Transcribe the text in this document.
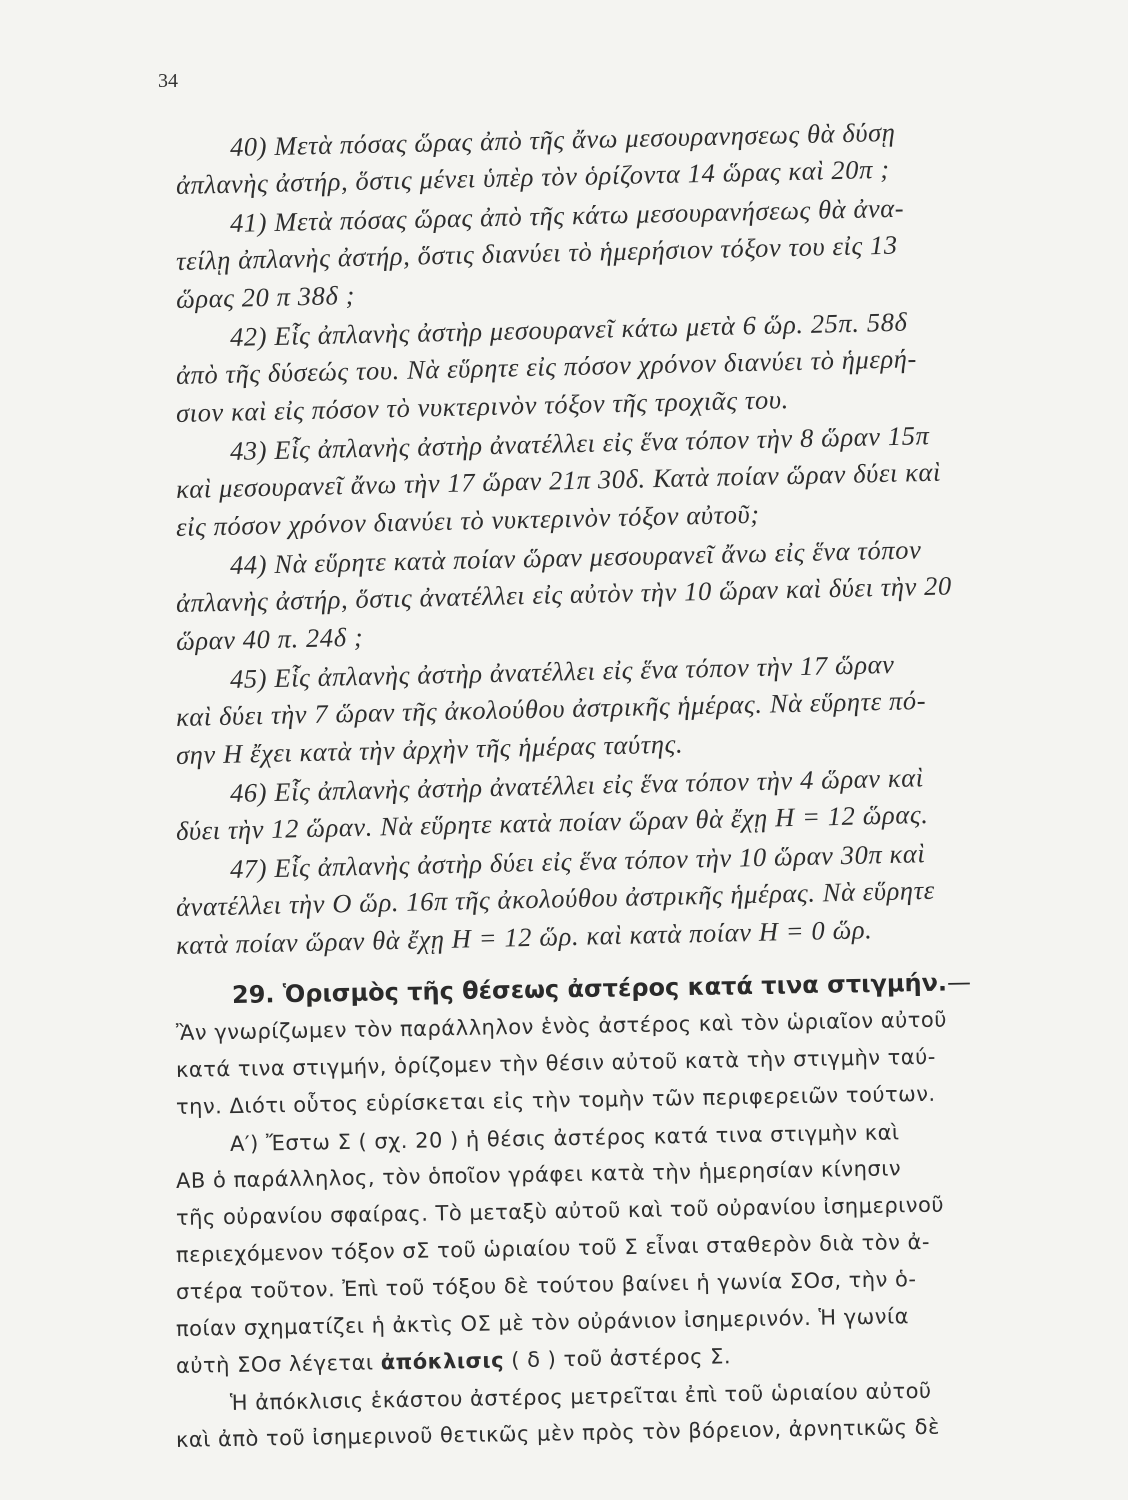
34
40) Μετὰ πόσας ὥρας ἀπὸ τῆς ἄνω μεσουρανησεως θὰ δύσῃ
ἀπλανὴς ἀστήρ, ὅστις μένει ὑπὲρ τὸν ὁρίζοντα 14 ὥρας καὶ 20π ;
41) Μετὰ πόσας ὥρας ἀπὸ τῆς κάτω μεσουρανήσεως θὰ ἀνα-
τείλῃ ἀπλανὴς ἀστήρ, ὅστις διανύει τὸ ἡμερήσιον τόξον του εἰς 13
ὥρας 20 π 38δ ;
42) Εἷς ἀπλανὴς ἀστὴρ μεσουρανεῖ κάτω μετὰ 6 ὥρ. 25π. 58δ
ἀπὸ τῆς δύσεώς του. Νὰ εὕρητε εἰς πόσον χρόνον διανύει τὸ ἡμερή-
σιον καὶ εἰς πόσον τὸ νυκτερινὸν τόξον τῆς τροχιᾶς του.
43) Εἷς ἀπλανὴς ἀστὴρ ἀνατέλλει εἰς ἕνα τόπον τὴν 8 ὥραν 15π
καὶ μεσουρανεῖ ἄνω τὴν 17 ὥραν 21π 30δ. Κατὰ ποίαν ὥραν δύει καὶ
εἰς πόσον χρόνον διανύει τὸ νυκτερινὸν τόξον αὐτοῦ;
44) Νὰ εὕρητε κατὰ ποίαν ὥραν μεσουρανεῖ ἄνω εἰς ἕνα τόπον
ἀπλανὴς ἀστήρ, ὅστις ἀνατέλλει εἰς αὐτὸν τὴν 10 ὥραν καὶ δύει τὴν 20
ὥραν 40 π. 24δ ;
45) Εἷς ἀπλανὴς ἀστὴρ ἀνατέλλει εἰς ἕνα τόπον τὴν 17 ὥραν
καὶ δύει τὴν 7 ὥραν τῆς ἀκολούθου ἀστρικῆς ἡμέρας. Νὰ εὕρητε πό-
σην Η ἔχει κατὰ τὴν ἀρχὴν τῆς ἡμέρας ταύτης.
46) Εἷς ἀπλανὴς ἀστὴρ ἀνατέλλει εἰς ἕνα τόπον τὴν 4 ὥραν καὶ
δύει τὴν 12 ὥραν. Νὰ εὕρητε κατὰ ποίαν ὥραν θὰ ἔχῃ Η = 12 ὥρας.
47) Εἷς ἀπλανὴς ἀστὴρ δύει εἰς ἕνα τόπον τὴν 10 ὥραν 30π καὶ
ἀνατέλλει τὴν Ο ὥρ. 16π τῆς ἀκολούθου ἀστρικῆς ἡμέρας. Νὰ εὕρητε
κατὰ ποίαν ὥραν θὰ ἔχῃ Η = 12 ὥρ. καὶ κατὰ ποίαν Η = 0 ὥρ.
29. Ὁρισμὸς τῆς θέσεως ἀστέρος κατά τινα στιγμήν.—
Ἂν γνωρίζωμεν τὸν παράλληλον ἑνὸς ἀστέρος καὶ τὸν ὡριαῖον αὐτοῦ
κατά τινα στιγμήν, ὁρίζομεν τὴν θέσιν αὐτοῦ κατὰ τὴν στιγμὴν ταύ-
την. Διότι οὗτος εὑρίσκεται εἰς τὴν τομὴν τῶν περιφερειῶν τούτων.
Α′) Ἔστω Σ ( σχ. 20 ) ἡ θέσις ἀστέρος κατά τινα στιγμὴν καὶ
ΑΒ ὁ παράλληλος, τὸν ὁποῖον γράφει κατὰ τὴν ἡμερησίαν κίνησιν
τῆς οὐρανίου σφαίρας. Τὸ μεταξὺ αὐτοῦ καὶ τοῦ οὐρανίου ἰσημερινοῦ
περιεχόμενον τόξον σΣ τοῦ ὡριαίου τοῦ Σ εἶναι σταθερὸν διὰ τὸν ἀ-
στέρα τοῦτον. Ἐπὶ τοῦ τόξου δὲ τούτου βαίνει ἡ γωνία ΣΟσ, τὴν ὁ-
ποίαν σχηματίζει ἡ ἀκτὶς ΟΣ μὲ τὸν οὐράνιον ἰσημερινόν. Ἡ γωνία
αὐτὴ ΣΟσ λέγεται ἀπόκλισις ( δ ) τοῦ ἀστέρος Σ.
Ἡ ἀπόκλισις ἑκάστου ἀστέρος μετρεῖται ἐπὶ τοῦ ὡριαίου αὐτοῦ
καὶ ἀπὸ τοῦ ἰσημερινοῦ θετικῶς μὲν πρὸς τὸν βόρειον, ἀρνητικῶς δὲ
